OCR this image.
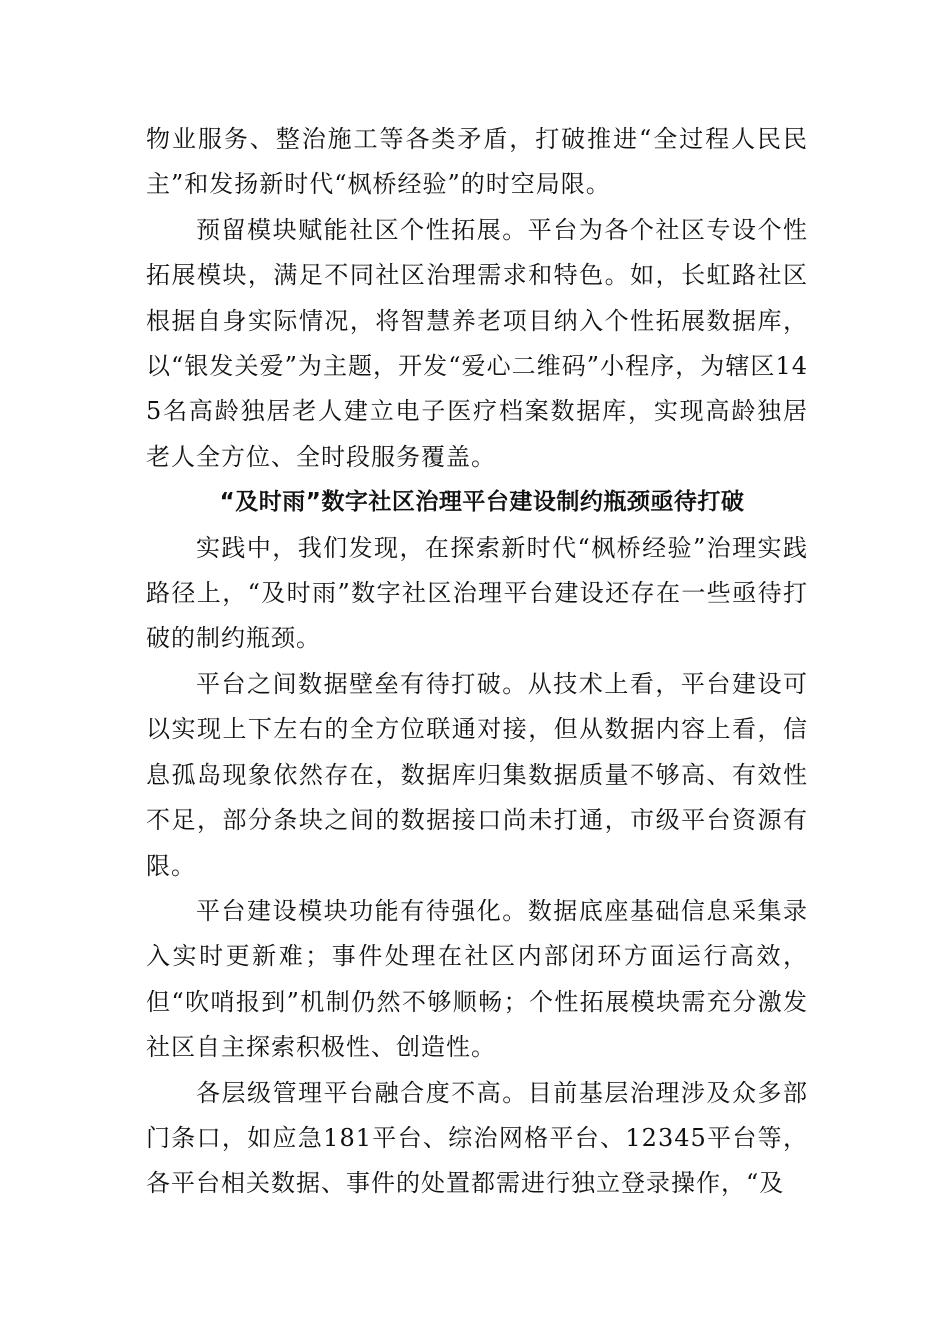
物业服务、整治施工等各类矛盾，打破推进“全过程人民民主”和发扬新时代“枫桥经验”的时空局限。

预留模块赋能社区个性拓展。平台为各个社区专设个性拓展模块，满足不同社区治理需求和特色。如，长虹路社区根据自身实际情况，将智慧养老项目纳入个性拓展数据库，以“银发关爱”为主题，开发“爱心二维码”小程序，为辖区145名高龄独居老人建立电子医疗档案数据库，实现高龄独居老人全方位、全时段服务覆盖。

“及时雨”数字社区治理平台建设制约瓶颈亟待打破

实践中，我们发现，在探索新时代“枫桥经验”治理实践路径上，“及时雨”数字社区治理平台建设还存在一些亟待打破的制约瓶颈。

平台之间数据壁垒有待打破。从技术上看，平台建设可以实现上下左右的全方位联通对接，但从数据内容上看，信息孤岛现象依然存在，数据库归集数据质量不够高、有效性不足，部分条块之间的数据接口尚未打通，市级平台资源有限。

平台建设模块功能有待强化。数据底座基础信息采集录入实时更新难；事件处理在社区内部闭环方面运行高效，但“吹哨报到”机制仍然不够顺畅；个性拓展模块需充分激发社区自主探索积极性、创造性。

各层级管理平台融合度不高。目前基层治理涉及众多部门条口，如应急181平台、综治网格平台、12345平台等，各平台相关数据、事件的处置都需进行独立登录操作，“及
